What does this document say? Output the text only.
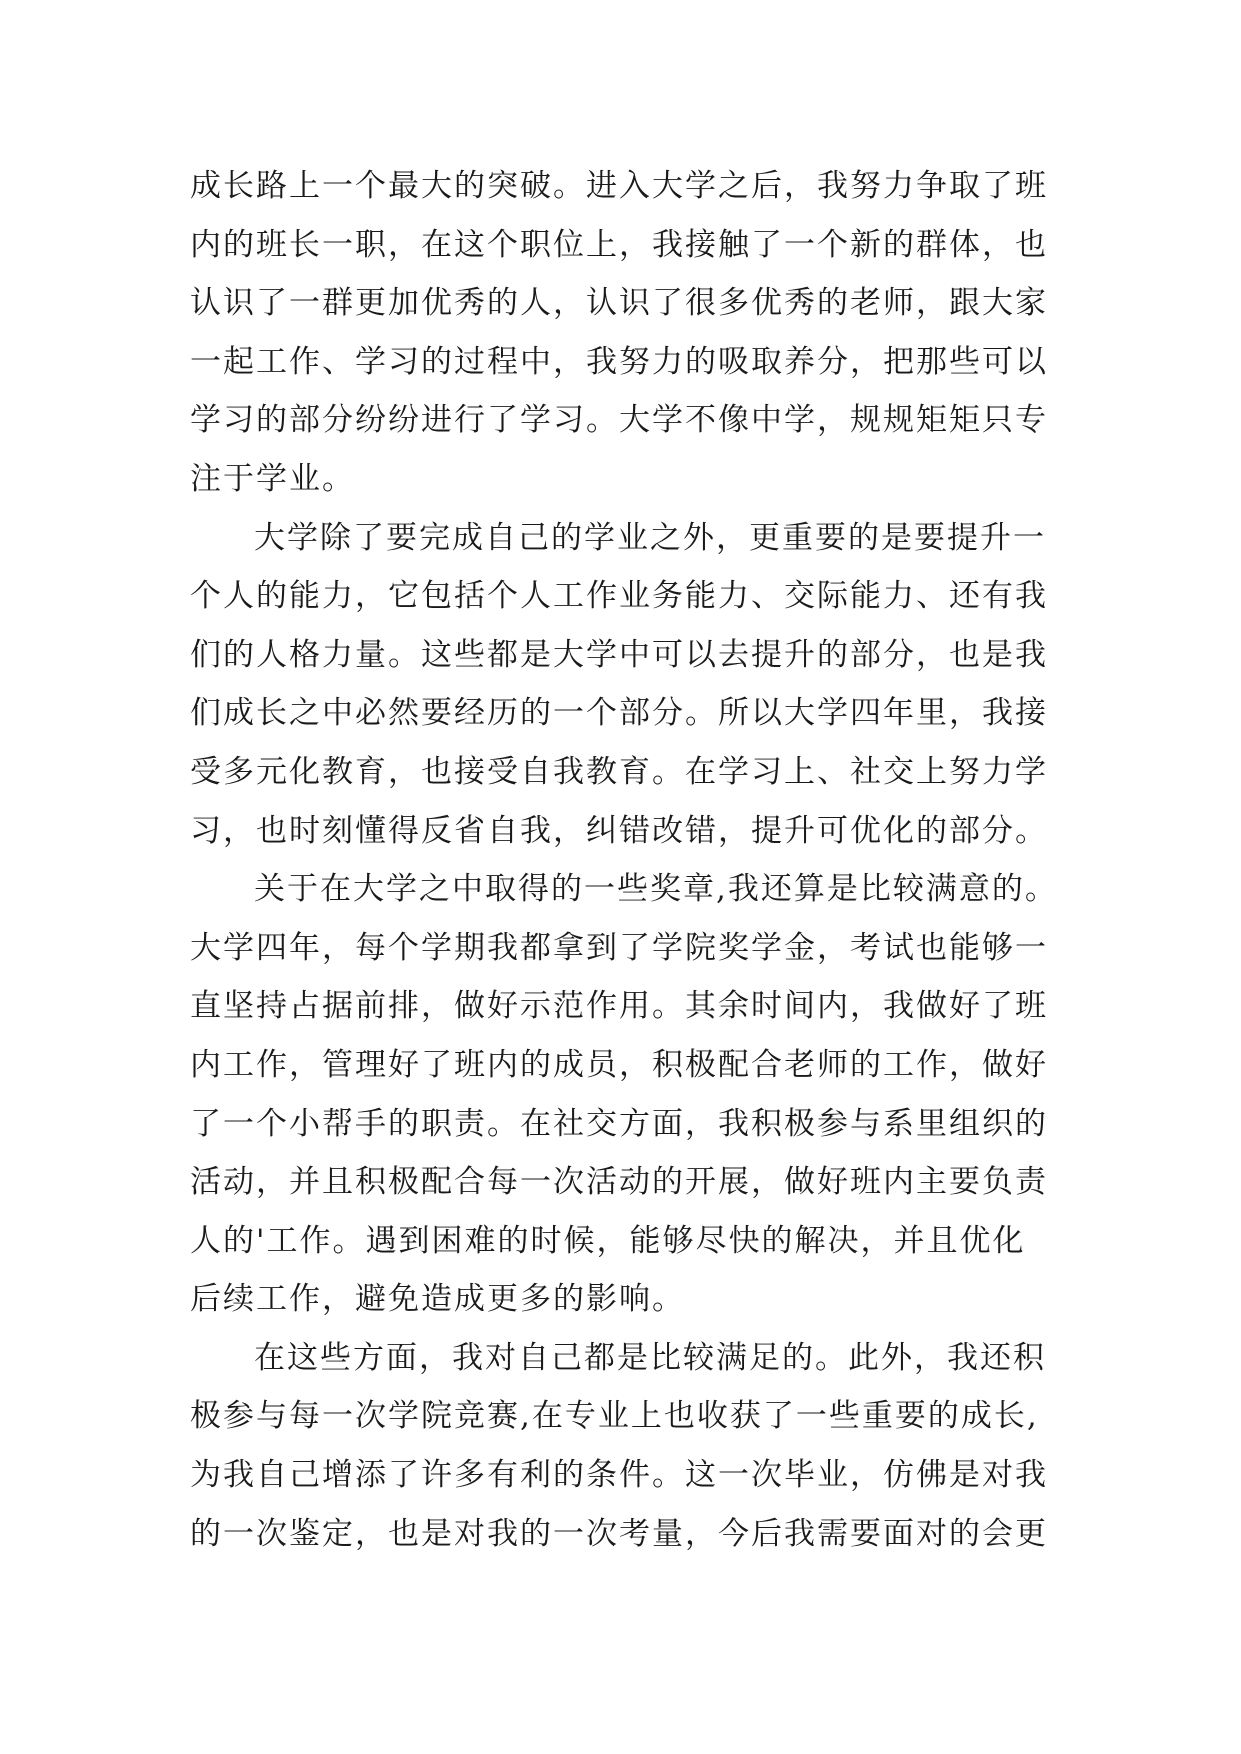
成长路上一个最大的突破。进入大学之后，我努力争取了班
内的班长一职，在这个职位上，我接触了一个新的群体，也
认识了一群更加优秀的人，认识了很多优秀的老师，跟大家
一起工作、学习的过程中，我努力的吸取养分，把那些可以
学习的部分纷纷进行了学习。大学不像中学，规规矩矩只专
注于学业。
大学除了要完成自己的学业之外，更重要的是要提升一
个人的能力，它包括个人工作业务能力、交际能力、还有我
们的人格力量。这些都是大学中可以去提升的部分，也是我
们成长之中必然要经历的一个部分。所以大学四年里，我接
受多元化教育，也接受自我教育。在学习上、社交上努力学
习，也时刻懂得反省自我，纠错改错，提升可优化的部分。
关于在大学之中取得的一些奖章,我还算是比较满意的。
大学四年，每个学期我都拿到了学院奖学金，考试也能够一
直坚持占据前排，做好示范作用。其余时间内，我做好了班
内工作，管理好了班内的成员，积极配合老师的工作，做好
了一个小帮手的职责。在社交方面，我积极参与系里组织的
活动，并且积极配合每一次活动的开展，做好班内主要负责
人的'工作。遇到困难的时候，能够尽快的解决，并且优化
后续工作，避免造成更多的影响。
在这些方面，我对自己都是比较满足的。此外，我还积
极参与每一次学院竞赛,在专业上也收获了一些重要的成长,
为我自己增添了许多有利的条件。这一次毕业，仿佛是对我
的一次鉴定，也是对我的一次考量，今后我需要面对的会更
